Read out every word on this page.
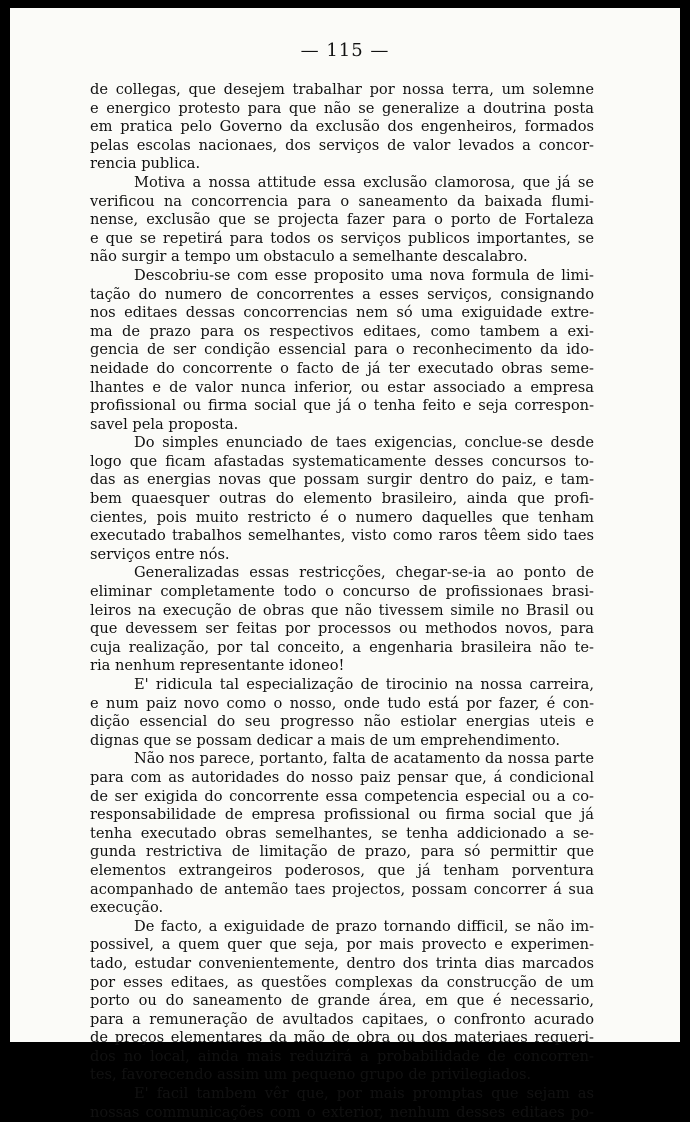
— 115 —

de collegas, que desejem trabalhar por nossa terra, um solemne
e energico protesto para que não se generalize a doutrina posta
em pratica pelo Governo da exclusão dos engenheiros, formados
pelas escolas nacionaes, dos serviços de valor levados a concor-
rencia publica.

Motiva a nossa attitude essa exclusão clamorosa, que já se
verificou na concorrencia para o saneamento da baixada flumi-
nense, exclusão que se projecta fazer para o porto de Fortaleza
e que se repetirá para todos os serviços publicos importantes, se
não surgir a tempo um obstaculo a semelhante descalabro.

Descobriu-se com esse proposito uma nova formula de limi-
tação do numero de concorrentes a esses serviços, consignando
nos editaes dessas concorrencias nem só uma exiguidade extre-
ma de prazo para os respectivos editaes, como tambem a exi-
gencia de ser condição essencial para o reconhecimento da ido-
neidade do concorrente o facto de já ter executado obras seme-
lhantes e de valor nunca inferior, ou estar associado a empresa
profissional ou firma social que já o tenha feito e seja correspon-
savel pela proposta.

Do simples enunciado de taes exigencias, conclue-se desde
logo que ficam afastadas systematicamente desses concursos to-
das as energias novas que possam surgir dentro do paiz, e tam-
bem quaesquer outras do elemento brasileiro, ainda que profi-
cientes, pois muito restricto é o numero daquelles que tenham
executado trabalhos semelhantes, visto como raros têem sido taes
serviços entre nós.

Generalizadas essas restricções, chegar-se-ia ao ponto de
eliminar completamente todo o concurso de profissionaes brasi-
leiros na execução de obras que não tivessem simile no Brasil ou
que devessem ser feitas por processos ou methodos novos, para
cuja realização, por tal conceito, a engenharia brasileira não te-
ria nenhum representante idoneo!

E' ridicula tal especialização de tirocinio na nossa carreira,
e num paiz novo como o nosso, onde tudo está por fazer, é con-
dição essencial do seu progresso não estiolar energias uteis e
dignas que se possam dedicar a mais de um emprehendimento.

Não nos parece, portanto, falta de acatamento da nossa parte
para com as autoridades do nosso paiz pensar que, á condicional
de ser exigida do concorrente essa competencia especial ou a co-
responsabilidade de empresa profissional ou firma social que já
tenha executado obras semelhantes, se tenha addicionado a se-
gunda restrictiva de limitação de prazo, para só permittir que
elementos extrangeiros poderosos, que já tenham porventura
acompanhado de antemão taes projectos, possam concorrer á sua
execução.

De facto, a exiguidade de prazo tornando difficil, se não im-
possivel, a quem quer que seja, por mais provecto e experimen-
tado, estudar convenientemente, dentro dos trinta dias marcados
por esses editaes, as questões complexas da construcção de um
porto ou do saneamento de grande área, em que é necessario,
para a remuneração de avultados capitaes, o confronto acurado
de preços elementares da mão de obra ou dos materiaes requeri-
dos no local, ainda mais reduzirá a probabilidade de concorren-
tes, favorecendo assim um pequeno grupo de privilegiados.

E' facil tambem vêr que, por mais promptas que sejam as
nossas communicações com o exterior, nenhum desses editaes po-
